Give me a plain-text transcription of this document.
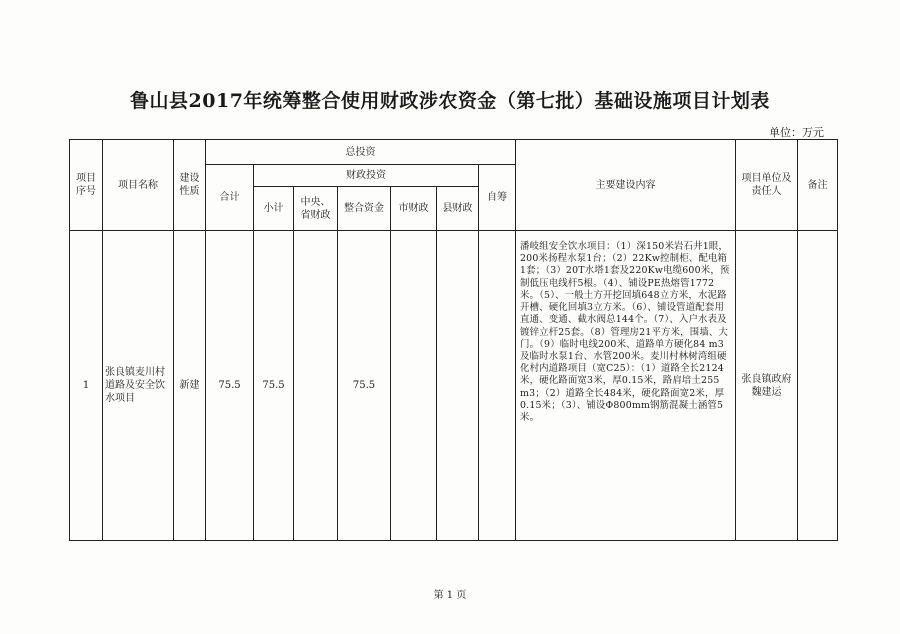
鲁山县2017年统筹整合使用财政涉农资金（第七批）基础设施项目计划表
单位：万元
项目序号	项目名称	建设性质	总投资							主要建设内容	项目单位及责任人	备注
			合计	财政投资					自筹			
				小计	中央、省财政	整合资金	市财政	县财政				
1	张良镇麦川村道路及安全饮水项目	新建	75.5	75.5		75.5				潘岐组安全饮水项目：（1）深150米岩石井1眼，200米扬程水泵1台；（2）22Kw控制柜、配电箱1套；（3）20T水塔1套及220Kw电缆600米，预制低压电线杆5根。（4）、铺设PE热熔管1772米。（5）、一般土方开挖回填648立方米，水泥路开槽、硬化回填3立方米。（6）、铺设管道配套用直通、变通、截水阀总144个。（7）、入户水表及镀锌立杆25套。（8）管理房21平方米，围墙、大门。（9）临时电线200米、道路单方硬化84 m3及临时水泵1台、水管200米。麦川村林树湾组硬化村内道路项目（宽C25）：（1）道路全长2124米，硬化路面宽3米，厚0.15米，路肩培土255 m3；（2）道路全长484米，硬化路面宽2米，厚0.15米；（3）、铺设Φ800mm钢筋混凝土涵管5米。	张良镇政府魏建运	
第 1 页
